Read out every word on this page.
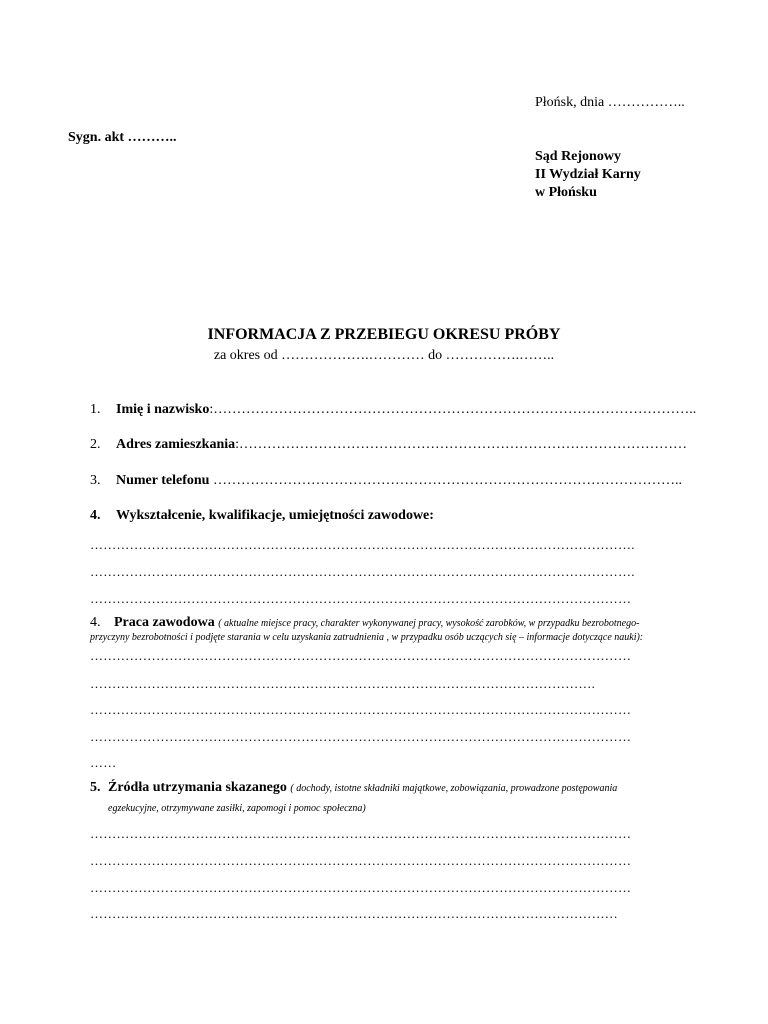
Płońsk, dnia ……………..
Sygn. akt ………..
Sąd Rejonowy
II Wydział Karny
w Płońsku
INFORMACJA Z PRZEBIEGU OKRESU PRÓBY
za okres od ……………….………… do …………….……..
1. Imię i nazwisko:…………………………………………………………………………………………..
2. Adres zamieszkania:……………………………………………………………………………………
3. Numer telefonu ………………………………………………………………………………………..
4. Wykształcenie, kwalifikacje, umiejętności zawodowe:
…………………………………………………………………………………………………………….
…………………………………………………………………………………………………………….
……………………………………………………………………………………………………………
4. Praca zawodowa ( aktualne miejsce pracy, charakter wykonywanej pracy, wysokość zarobków, w przypadku bezrobotnego-
przyczyny bezrobotności i podjęte starania w celu uzyskania zatrudnienia , w przypadku osób uczących się – informacje dotyczące nauki):
……………………………………………………………………………………………………………
…………………………………………………………………………………………………….
……………………………………………………………………………………………………………
……………………………………………………………………………………………………………
……
5. Źródła utrzymania skazanego ( dochody, istotne składniki majątkowe, zobowiązania, prowadzone postępowania
egzekucyjne, otrzymywane zasiłki, zapomogi i pomoc społeczna)
……………………………………………………………………………………………………………
……………………………………………………………………………………………………………
……………………………………………………………………………………………………………
…………………………………………………………………………………………………………
